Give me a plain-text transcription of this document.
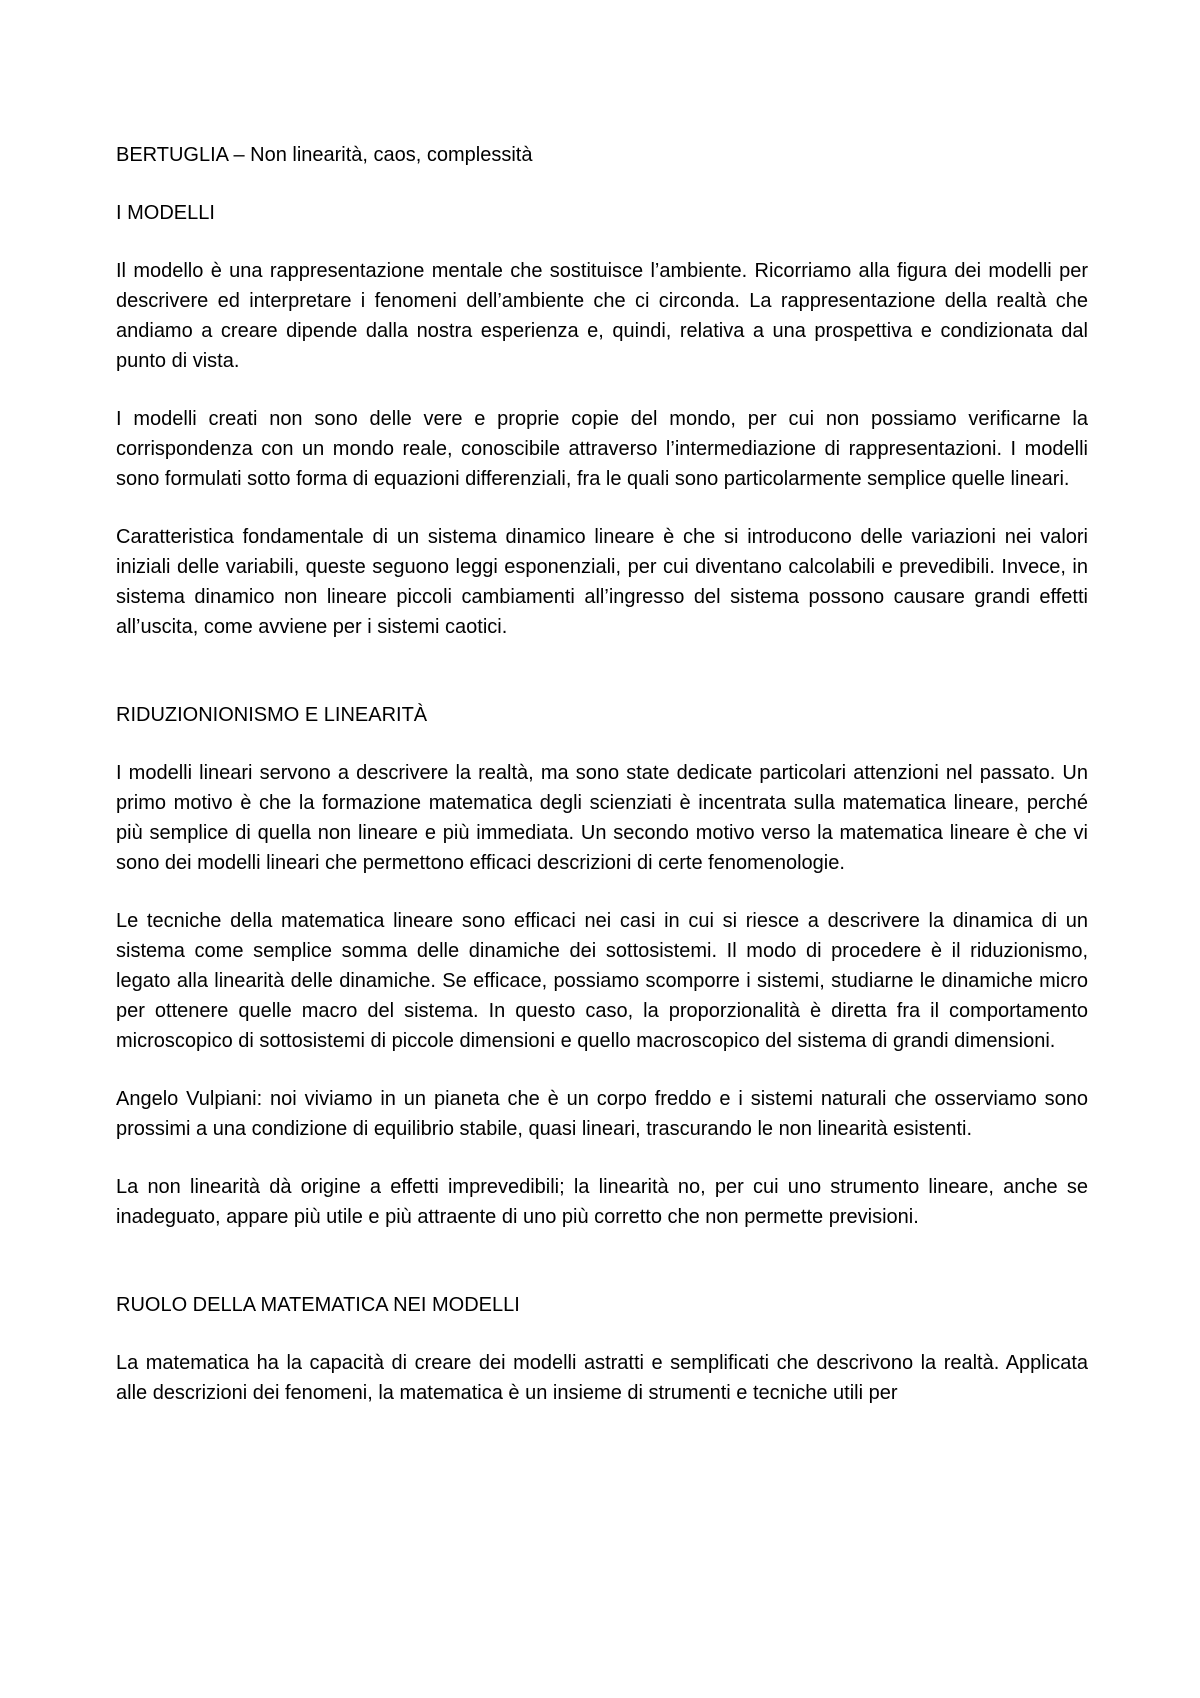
BERTUGLIA – Non linearità, caos, complessità

I MODELLI

Il modello è una rappresentazione mentale che sostituisce l’ambiente. Ricorriamo alla figura dei modelli per descrivere ed interpretare i fenomeni dell’ambiente che ci circonda. La rappresentazione della realtà che andiamo a creare dipende dalla nostra esperienza e, quindi, relativa a una prospettiva e condizionata dal punto di vista.

I modelli creati non sono delle vere e proprie copie del mondo, per cui non possiamo verificarne la corrispondenza con un mondo reale, conoscibile attraverso l’intermediazione di rappresentazioni. I modelli sono formulati sotto forma di equazioni differenziali, fra le quali sono particolarmente semplice quelle lineari.

Caratteristica fondamentale di un sistema dinamico lineare è che si introducono delle variazioni nei valori iniziali delle variabili, queste seguono leggi esponenziali, per cui diventano calcolabili e prevedibili. Invece, in sistema dinamico non lineare piccoli cambiamenti all’ingresso del sistema possono causare grandi effetti all’uscita, come avviene per i sistemi caotici.

RIDUZIONIONISMO E LINEARITÀ

I modelli lineari servono a descrivere la realtà, ma sono state dedicate particolari attenzioni nel passato. Un primo motivo è che la formazione matematica degli scienziati è incentrata sulla matematica lineare, perché più semplice di quella non lineare e più immediata. Un secondo motivo verso la matematica lineare è che vi sono dei modelli lineari che permettono efficaci descrizioni di certe fenomenologie.

Le tecniche della matematica lineare sono efficaci nei casi in cui si riesce a descrivere la dinamica di un sistema come semplice somma delle dinamiche dei sottosistemi. Il modo di procedere è il riduzionismo, legato alla linearità delle dinamiche. Se efficace, possiamo scomporre i sistemi, studiarne le dinamiche micro per ottenere quelle macro del sistema. In questo caso, la proporzionalità è diretta fra il comportamento microscopico di sottosistemi di piccole dimensioni e quello macroscopico del sistema di grandi dimensioni.

Angelo Vulpiani: noi viviamo in un pianeta che è un corpo freddo e i sistemi naturali che osserviamo sono prossimi a una condizione di equilibrio stabile, quasi lineari, trascurando le non linearità esistenti.

La non linearità dà origine a effetti imprevedibili; la linearità no, per cui uno strumento lineare, anche se inadeguato, appare più utile e più attraente di uno più corretto che non permette previsioni.

RUOLO DELLA MATEMATICA NEI MODELLI

La matematica ha la capacità di creare dei modelli astratti e semplificati che descrivono la realtà. Applicata alle descrizioni dei fenomeni, la matematica è un insieme di strumenti e tecniche utili per
